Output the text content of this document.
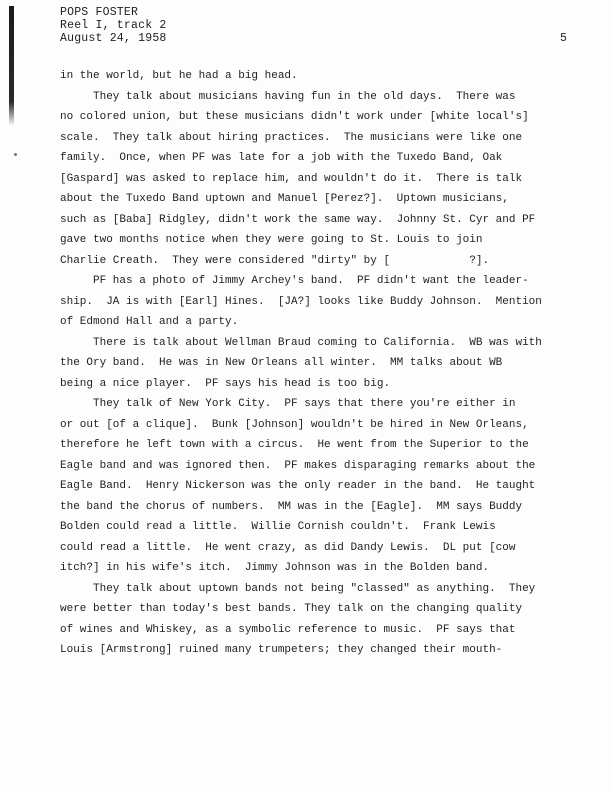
POPS FOSTER
Reel I, track 2
August 24, 1958	5
in the world, but he had a big head.
They talk about musicians having fun in the old days.  There was
no colored union, but these musicians didn't work under [white local's]
scale.  They talk about hiring practices.  The musicians were like one
family.  Once, when PF was late for a job with the Tuxedo Band, Oak
[Gaspard] was asked to replace him, and wouldn't do it.  There is talk
about the Tuxedo Band uptown and Manuel [Perez?].  Uptown musicians,
such as [Baba] Ridgley, didn't work the same way.  Johnny St. Cyr and PF
gave two months notice when they were going to St. Louis to join
Charlie Creath.  They were considered "dirty" by [            ?].
PF has a photo of Jimmy Archey's band.  PF didn't want the leader-
ship.  JA is with [Earl] Hines.  [JA?] looks like Buddy Johnson.  Mention
of Edmond Hall and a party.
There is talk about Wellman Braud coming to California.  WB was with
the Ory band.  He was in New Orleans all winter.  MM talks about WB
being a nice player.  PF says his head is too big.
They talk of New York City.  PF says that there you're either in
or out [of a clique].  Bunk [Johnson] wouldn't be hired in New Orleans,
therefore he left town with a circus.  He went from the Superior to the
Eagle band and was ignored then.  PF makes disparaging remarks about the
Eagle Band.  Henry Nickerson was the only reader in the band.  He taught
the band the chorus of numbers.  MM was in the [Eagle].  MM says Buddy
Bolden could read a little.  Willie Cornish couldn't.  Frank Lewis
could read a little.  He went crazy, as did Dandy Lewis.  DL put [cow
itch?] in his wife's itch.  Jimmy Johnson was in the Bolden band.
They talk about uptown bands not being "classed" as anything.  They
were better than today's best bands. They talk on the changing quality
of wines and Whiskey, as a symbolic reference to music.  PF says that
Louis [Armstrong] ruined many trumpeters; they changed their mouth-
